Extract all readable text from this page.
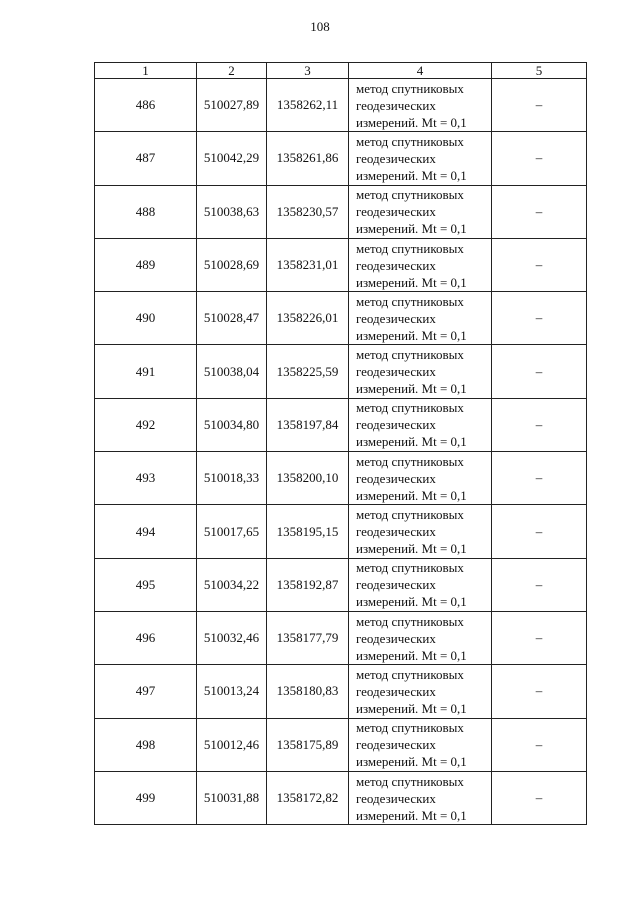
108
1	2	3	4	5
486	510027,89	1358262,11	метод спутниковых
геодезических
измерений. Mt = 0,1	–
487	510042,29	1358261,86	метод спутниковых
геодезических
измерений. Mt = 0,1	–
488	510038,63	1358230,57	метод спутниковых
геодезических
измерений. Mt = 0,1	–
489	510028,69	1358231,01	метод спутниковых
геодезических
измерений. Mt = 0,1	–
490	510028,47	1358226,01	метод спутниковых
геодезических
измерений. Mt = 0,1	–
491	510038,04	1358225,59	метод спутниковых
геодезических
измерений. Mt = 0,1	–
492	510034,80	1358197,84	метод спутниковых
геодезических
измерений. Mt = 0,1	–
493	510018,33	1358200,10	метод спутниковых
геодезических
измерений. Mt = 0,1	–
494	510017,65	1358195,15	метод спутниковых
геодезических
измерений. Mt = 0,1	–
495	510034,22	1358192,87	метод спутниковых
геодезических
измерений. Mt = 0,1	–
496	510032,46	1358177,79	метод спутниковых
геодезических
измерений. Mt = 0,1	–
497	510013,24	1358180,83	метод спутниковых
геодезических
измерений. Mt = 0,1	–
498	510012,46	1358175,89	метод спутниковых
геодезических
измерений. Mt = 0,1	–
499	510031,88	1358172,82	метод спутниковых
геодезических
измерений. Mt = 0,1	–
